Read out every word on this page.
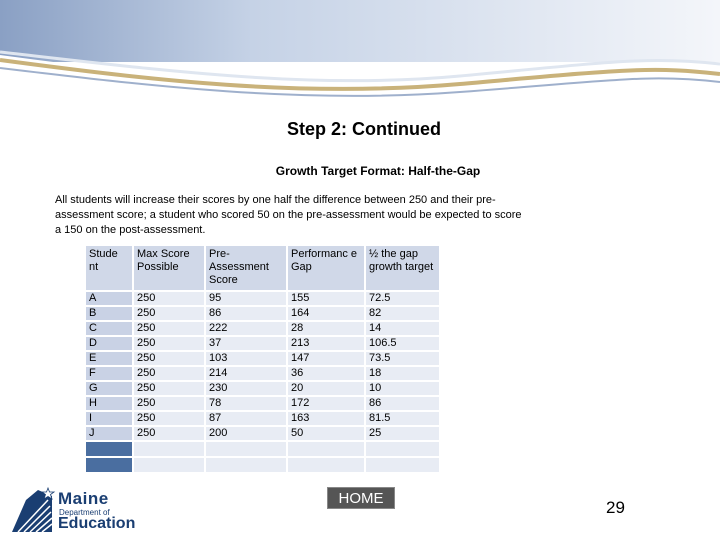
Step 2: Continued
Growth Target Format: Half-the-Gap
All students will increase their scores by one half the difference between 250 and their pre-assessment score; a student who scored 50 on the pre-assessment would be expected to score a 150 on the post-assessment.
Stude nt	Max Score Possible	Pre-Assessment Score	Performanc e Gap	½ the gap growth target
A	250	95	155	72.5
B	250	86	164	82
C	250	222	28	14
D	250	37	213	106.5
E	250	103	147	73.5
F	250	214	36	18
G	250	230	20	10
H	250	78	172	86
I	250	87	163	81.5
J	250	200	50	25

Maine
Department of
Education
HOME	29
